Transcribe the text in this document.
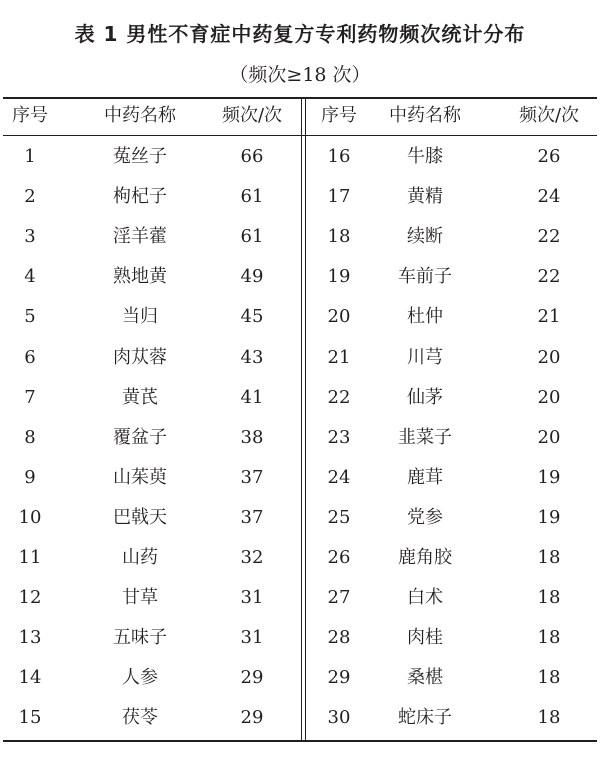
表 1 男性不育症中药复方专利药物频次统计分布
（频次≥18 次）
序号	中药名称	频次/次	序号	中药名称	频次/次
1	菟丝子	66	16	牛膝	26
2	枸杞子	61	17	黄精	24
3	淫羊藿	61	18	续断	22
4	熟地黄	49	19	车前子	22
5	当归	45	20	杜仲	21
6	肉苁蓉	43	21	川芎	20
7	黄芪	41	22	仙茅	20
8	覆盆子	38	23	韭菜子	20
9	山茱萸	37	24	鹿茸	19
10	巴戟天	37	25	党参	19
11	山药	32	26	鹿角胶	18
12	甘草	31	27	白术	18
13	五味子	31	28	肉桂	18
14	人参	29	29	桑椹	18
15	茯苓	29	30	蛇床子	18
